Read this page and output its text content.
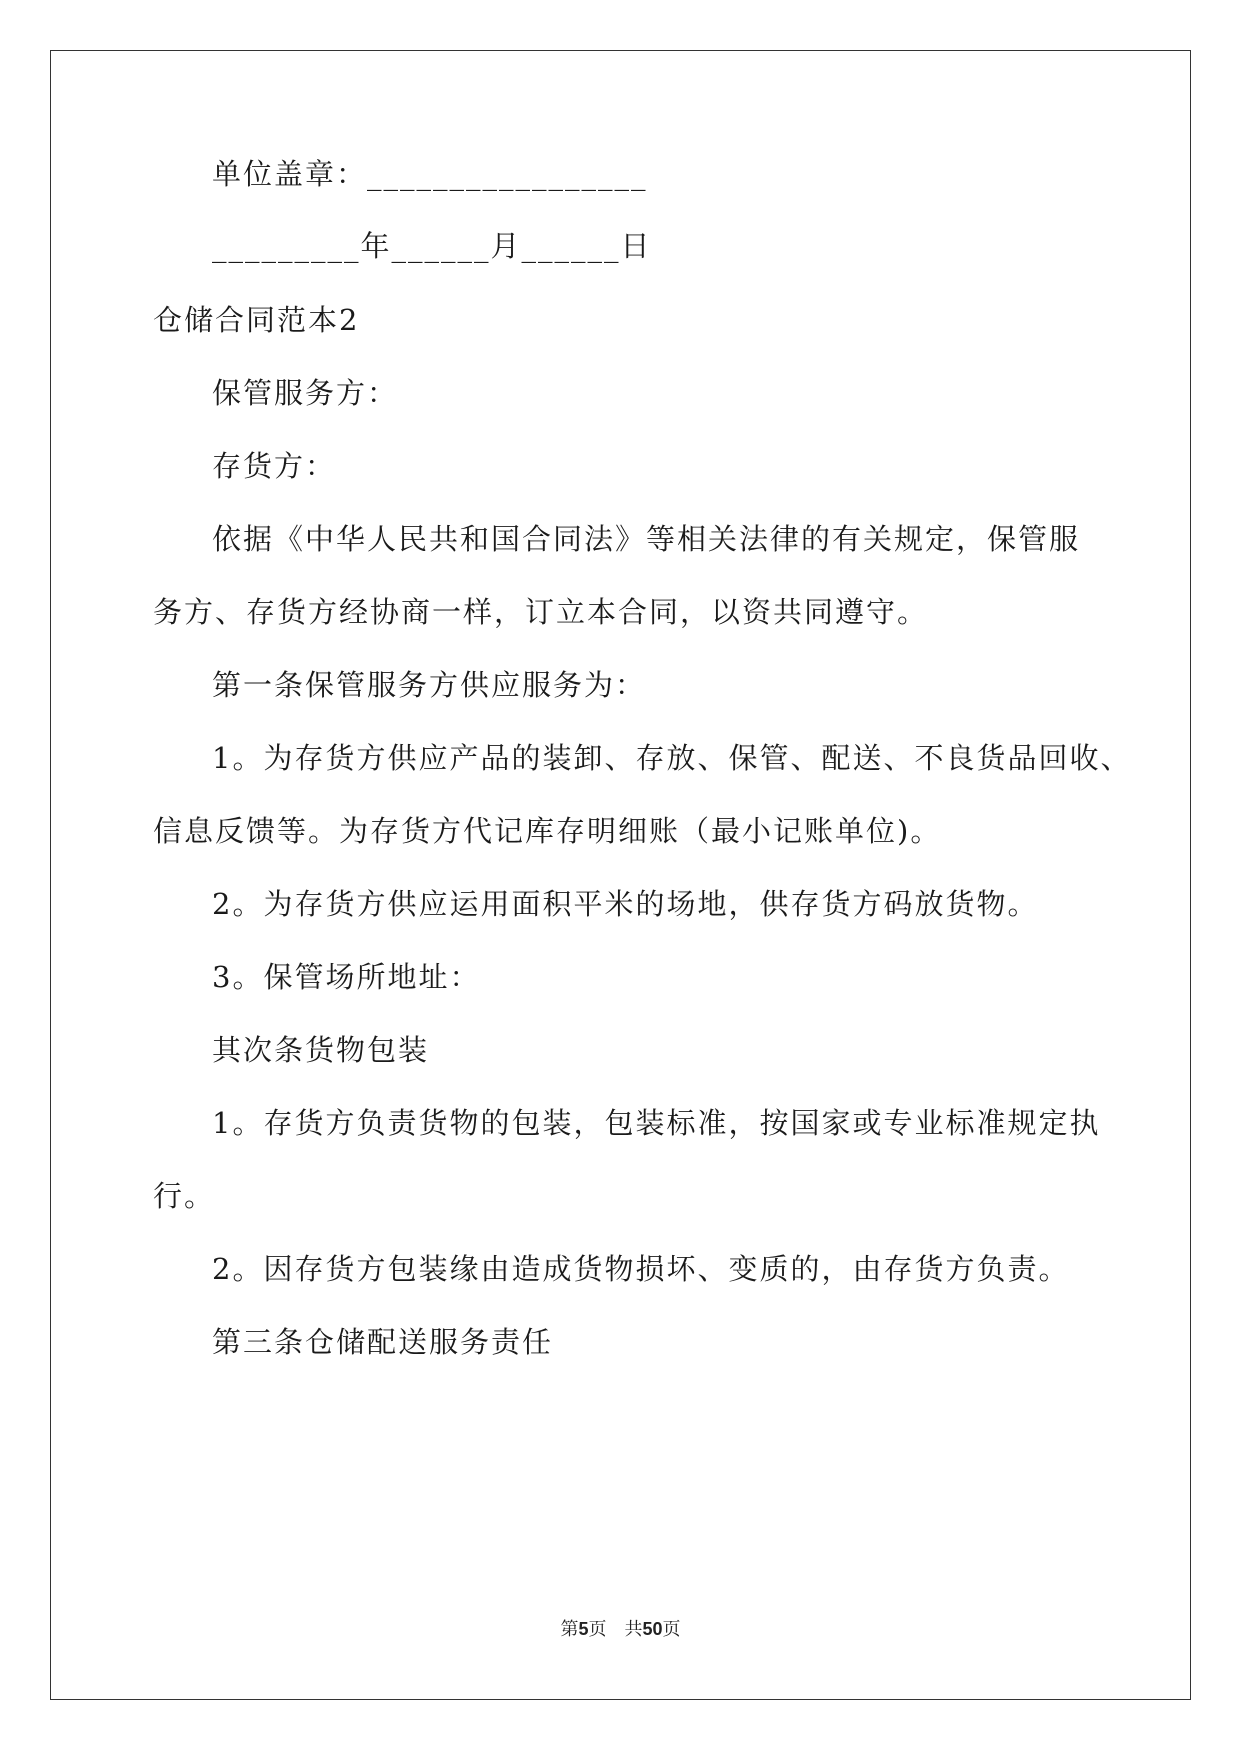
单位盖章：_________________
_________年______月______日
仓储合同范本2
保管服务方：
存货方：
依据《中华人民共和国合同法》等相关法律的有关规定，保管服
务方、存货方经协商一样，订立本合同，以资共同遵守。
第一条保管服务方供应服务为：
1。为存货方供应产品的装卸、存放、保管、配送、不良货品回收、
信息反馈等。为存货方代记库存明细账（最小记账单位)。
2。为存货方供应运用面积平米的场地，供存货方码放货物。
3。保管场所地址：
其次条货物包装
1。存货方负责货物的包装，包装标准，按国家或专业标准规定执
行。
2。因存货方包装缘由造成货物损坏、变质的，由存货方负责。
第三条仓储配送服务责任
第5页　共50页
